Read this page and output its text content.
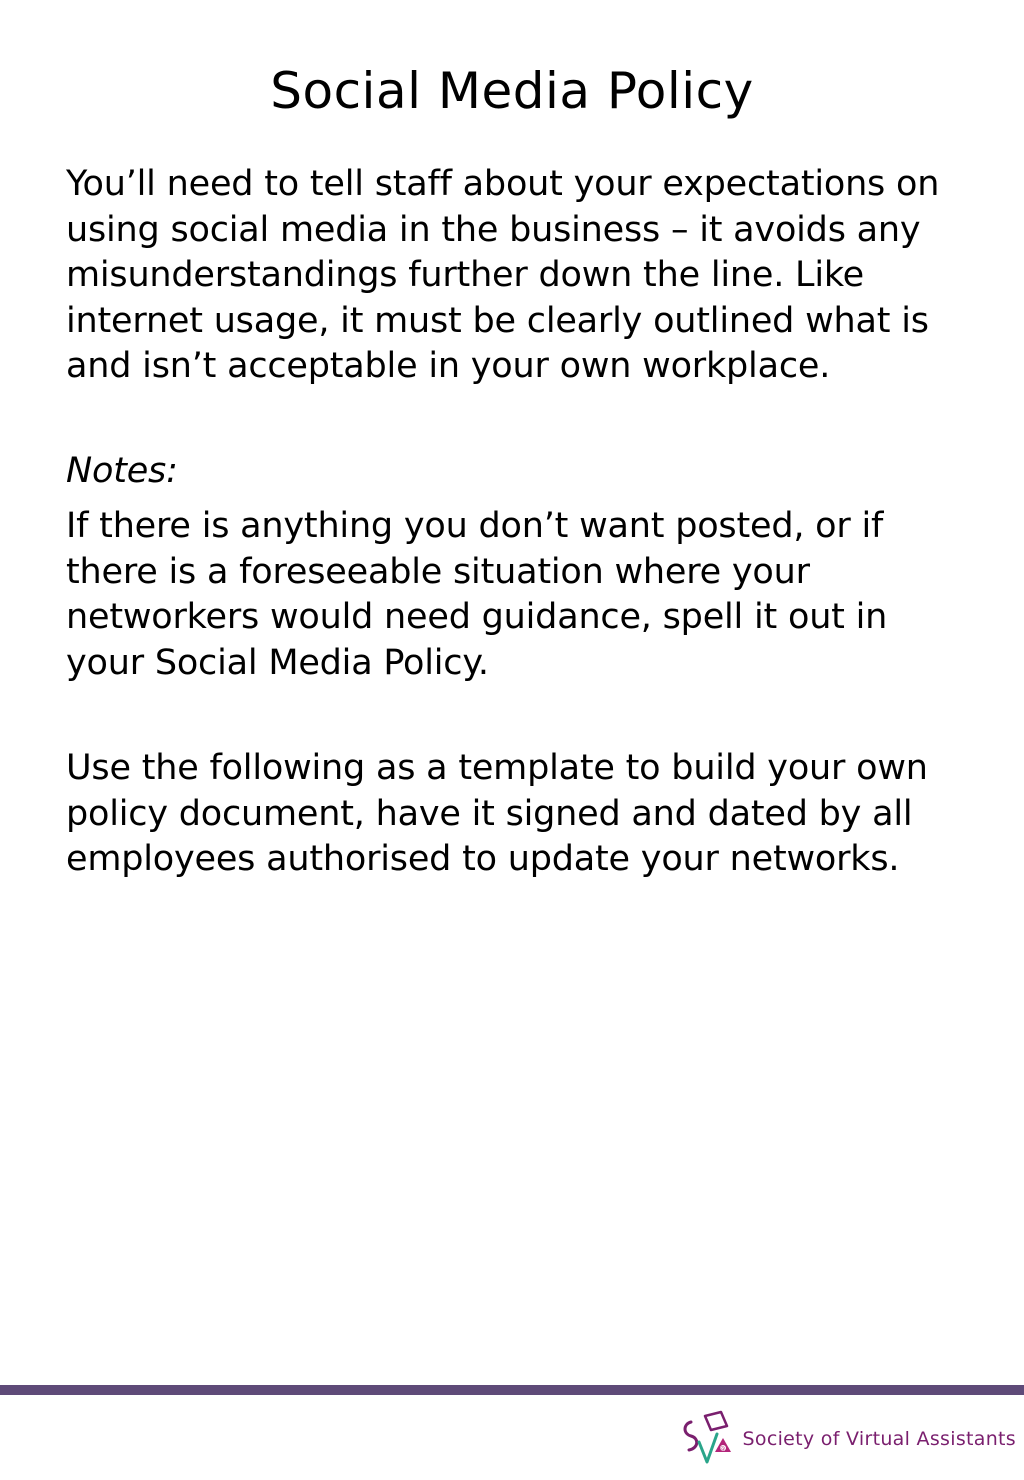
Social Media Policy

You’ll need to tell staff about your expectations on using social media in the business – it avoids any misunderstandings further down the line. Like internet usage, it must be clearly outlined what is and isn’t acceptable in your own workplace.

Notes:

If there is anything you don’t want posted, or if there is a foreseeable situation where your networkers would need guidance, spell it out in your Social Media Policy.

Use the following as a template to build your own policy document, have it signed and dated by all employees authorised to update your networks.

@ Society of Virtual Assistants
